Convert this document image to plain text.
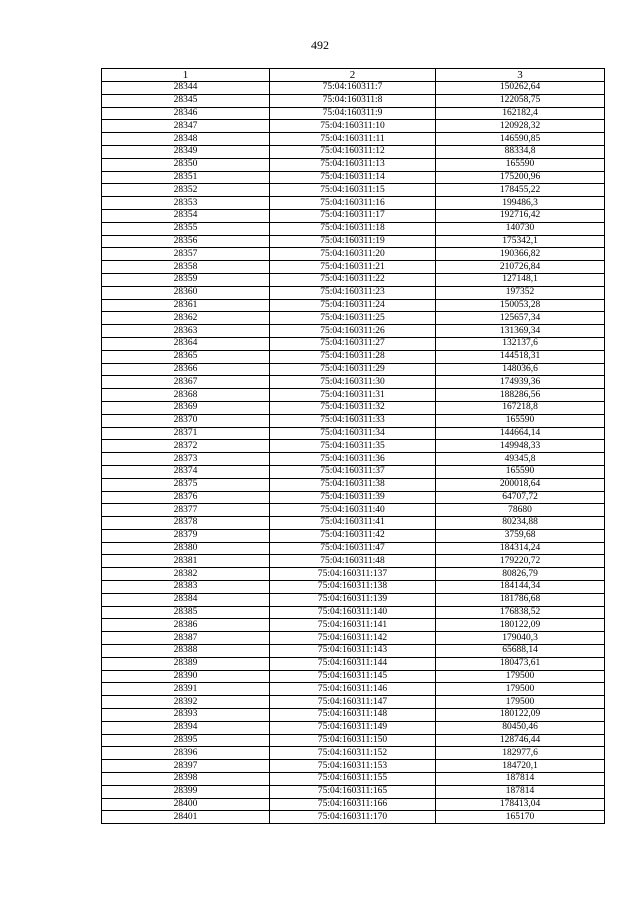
492
1	2	3
28344	75:04:160311:7	150262,64
28345	75:04:160311:8	122058,75
28346	75:04:160311:9	162182,4
28347	75:04:160311:10	120928,32
28348	75:04:160311:11	146590,85
28349	75:04:160311:12	88334,8
28350	75:04:160311:13	165590
28351	75:04:160311:14	175200,96
28352	75:04:160311:15	178455,22
28353	75:04:160311:16	199486,3
28354	75:04:160311:17	192716,42
28355	75:04:160311:18	140730
28356	75:04:160311:19	175342,1
28357	75:04:160311:20	190366,82
28358	75:04:160311:21	210726,84
28359	75:04:160311:22	127148,1
28360	75:04:160311:23	197352
28361	75:04:160311:24	150053,28
28362	75:04:160311:25	125657,34
28363	75:04:160311:26	131369,34
28364	75:04:160311:27	132137,6
28365	75:04:160311:28	144518,31
28366	75:04:160311:29	148036,6
28367	75:04:160311:30	174939,36
28368	75:04:160311:31	188286,56
28369	75:04:160311:32	167218,8
28370	75:04:160311:33	165590
28371	75:04:160311:34	144664,14
28372	75:04:160311:35	149948,33
28373	75:04:160311:36	49345,8
28374	75:04:160311:37	165590
28375	75:04:160311:38	200018,64
28376	75:04:160311:39	64707,72
28377	75:04:160311:40	78680
28378	75:04:160311:41	80234,88
28379	75:04:160311:42	3759,68
28380	75:04:160311:47	184314,24
28381	75:04:160311:48	179220,72
28382	75:04:160311:137	80826,79
28383	75:04:160311:138	184144,34
28384	75:04:160311:139	181786,68
28385	75:04:160311:140	176838,52
28386	75:04:160311:141	180122,09
28387	75:04:160311:142	179040,3
28388	75:04:160311:143	65688,14
28389	75:04:160311:144	180473,61
28390	75:04:160311:145	179500
28391	75:04:160311:146	179500
28392	75:04:160311:147	179500
28393	75:04:160311:148	180122,09
28394	75:04:160311:149	80450,46
28395	75:04:160311:150	128746,44
28396	75:04:160311:152	182977,6
28397	75:04:160311:153	184720,1
28398	75:04:160311:155	187814
28399	75:04:160311:165	187814
28400	75:04:160311:166	178413,04
28401	75:04:160311:170	165170
